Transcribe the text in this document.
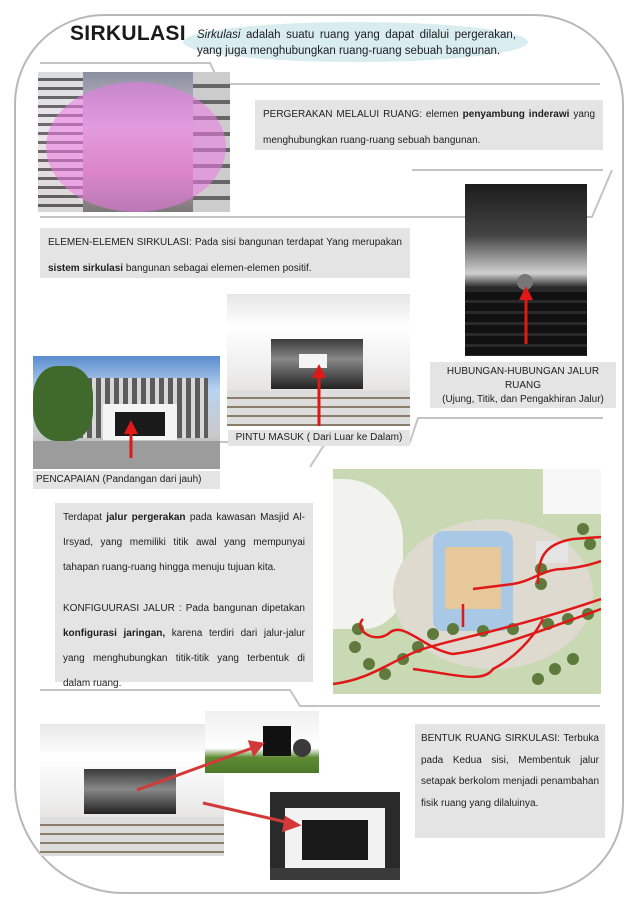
SIRKULASI Sirkulasi adalah suatu ruang yang dapat dilalui pergerakan, yang juga menghubungkan ruang-ruang sebuah bangunan.
PERGERAKAN MELALUI RUANG: elemen penyambung inderawi yang menghubungkan ruang-ruang sebuah bangunan.
ELEMEN-ELEMEN SIRKULASI: Pada sisi bangunan terdapat Yang merupakan sistem sirkulasi bangunan sebagai elemen-elemen positif.
HUBUNGAN-HUBUNGAN JALUR
RUANG
(Ujung, Titik, dan Pengakhiran Jalur)
PINTU MASUK ( Dari Luar ke Dalam)
PENCAPAIAN (Pandangan dari jauh)
Terdapat jalur pergerakan pada kawasan Masjid Al-Irsyad, yang memiliki titik awal yang mempunyai tahapan ruang-ruang hingga menuju tujuan kita.
KONFIGUURASI JALUR : Pada bangunan dipetakan konfigurasi jaringan, karena terdiri dari jalur-jalur yang menghubungkan titik-titik yang terbentuk di dalam ruang.
BENTUK RUANG SIRKULASI: Terbuka pada Kedua sisi, Membentuk jalur setapak berkolom menjadi penambahan fisik ruang yang dilaluinya.
